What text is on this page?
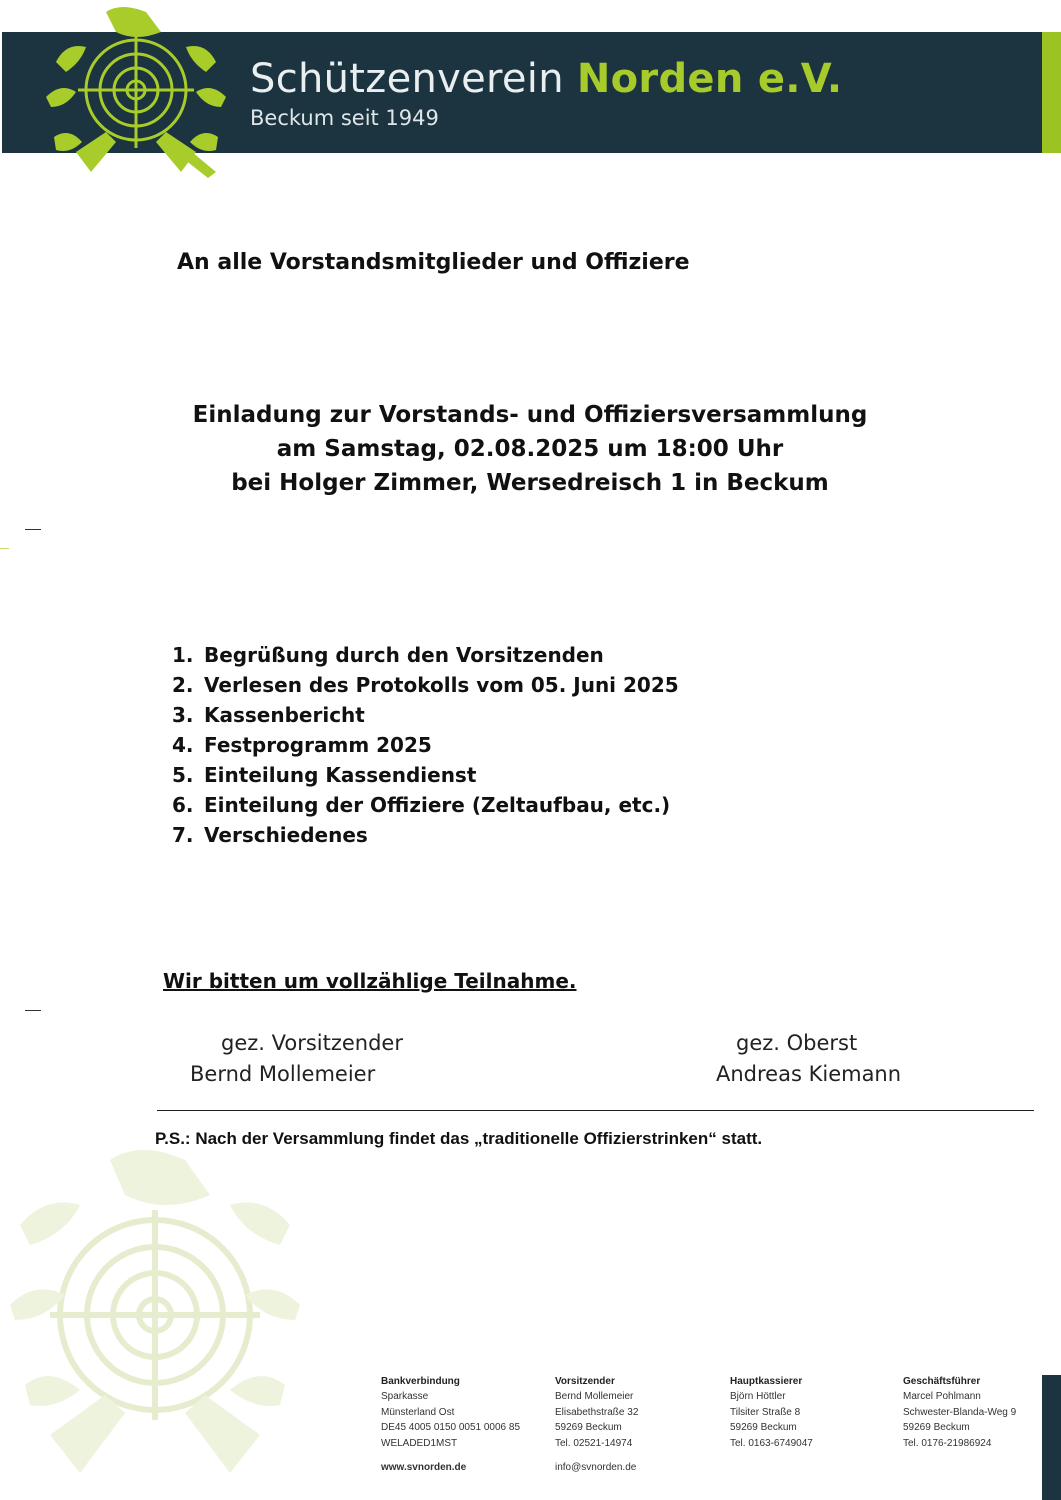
Schützenverein Norden e.V.
Beckum seit 1949
An alle Vorstandsmitglieder und Offiziere
Einladung zur Vorstands- und Offiziersversammlung
am Samstag, 02.08.2025 um 18:00 Uhr
bei Holger Zimmer, Wersedreisch 1 in Beckum
1. Begrüßung durch den Vorsitzenden
2. Verlesen des Protokolls vom 05. Juni 2025
3. Kassenbericht
4. Festprogramm 2025
5. Einteilung Kassendienst
6. Einteilung der Offiziere (Zeltaufbau, etc.)
7. Verschiedenes
Wir bitten um vollzählige Teilnahme.
gez. Vorsitzender
Bernd Mollemeier
gez. Oberst
Andreas Kiemann
P.S.: Nach der Versammlung findet das „traditionelle Offizierstrinken“ statt.
Bankverbindung
Sparkasse
Münsterland Ost
DE45 4005 0150 0051 0006 85
WELADED1MST
Vorsitzender
Bernd Mollemeier
Elisabethstraße 32
59269 Beckum
Tel. 02521-14974
Hauptkassierer
Björn Höttler
Tilsiter Straße 8
59269 Beckum
Tel. 0163-6749047
Geschäftsführer
Marcel Pohlmann
Schwester-Blanda-Weg 9
59269 Beckum
Tel. 0176-21986924
www.svnorden.de	info@svnorden.de
